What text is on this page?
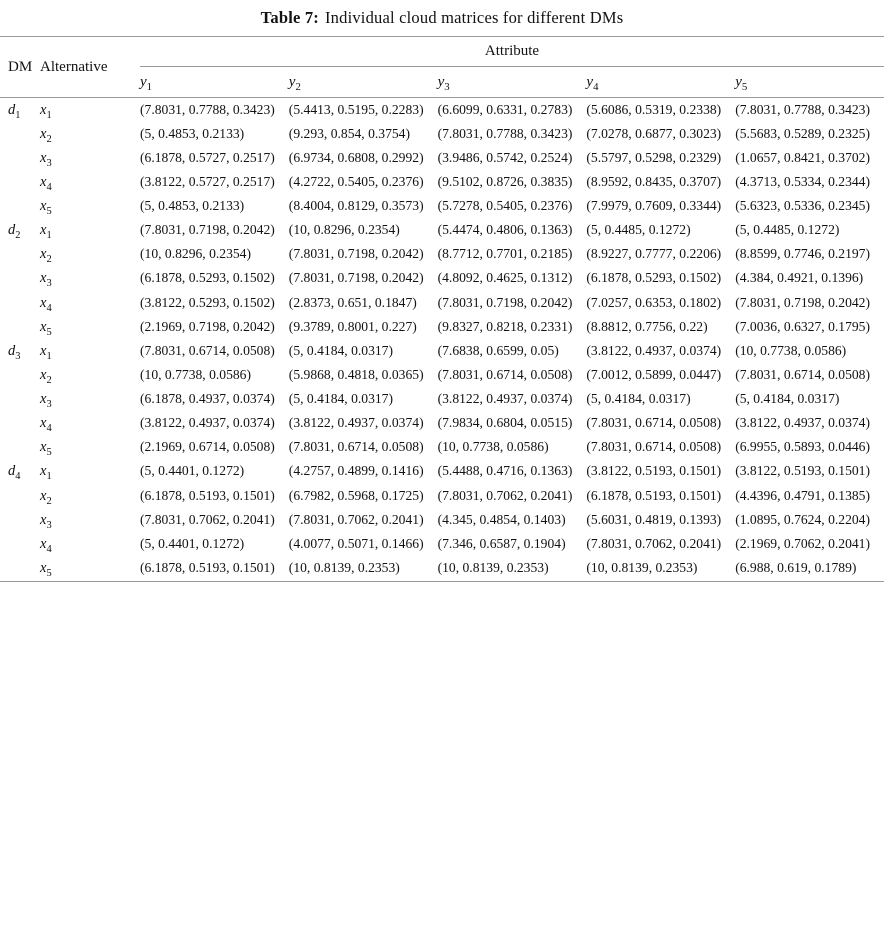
Table 7: Individual cloud matrices for different DMs
DM	Alternative	Attribute				
		$y_1$	$y_2$	$y_3$	$y_4$	$y_5$
$d_1$	$x_1$	(7.8031, 0.7788, 0.3423)	(5.4413, 0.5195, 0.2283)	(6.6099, 0.6331, 0.2783)	(5.6086, 0.5319, 0.2338)	(7.8031, 0.7788, 0.3423)
	$x_2$	(5, 0.4853, 0.2133)	(9.293, 0.854, 0.3754)	(7.8031, 0.7788, 0.3423)	(7.0278, 0.6877, 0.3023)	(5.5683, 0.5289, 0.2325)
	$x_3$	(6.1878, 0.5727, 0.2517)	(6.9734, 0.6808, 0.2992)	(3.9486, 0.5742, 0.2524)	(5.5797, 0.5298, 0.2329)	(1.0657, 0.8421, 0.3702)
	$x_4$	(3.8122, 0.5727, 0.2517)	(4.2722, 0.5405, 0.2376)	(9.5102, 0.8726, 0.3835)	(8.9592, 0.8435, 0.3707)	(4.3713, 0.5334, 0.2344)
	$x_5$	(5, 0.4853, 0.2133)	(8.4004, 0.8129, 0.3573)	(5.7278, 0.5405, 0.2376)	(7.9979, 0.7609, 0.3344)	(5.6323, 0.5336, 0.2345)
$d_2$	$x_1$	(7.8031, 0.7198, 0.2042)	(10, 0.8296, 0.2354)	(5.4474, 0.4806, 0.1363)	(5, 0.4485, 0.1272)	(5, 0.4485, 0.1272)
	$x_2$	(10, 0.8296, 0.2354)	(7.8031, 0.7198, 0.2042)	(8.7712, 0.7701, 0.2185)	(8.9227, 0.7777, 0.2206)	(8.8599, 0.7746, 0.2197)
	$x_3$	(6.1878, 0.5293, 0.1502)	(7.8031, 0.7198, 0.2042)	(4.8092, 0.4625, 0.1312)	(6.1878, 0.5293, 0.1502)	(4.384, 0.4921, 0.1396)
	$x_4$	(3.8122, 0.5293, 0.1502)	(2.8373, 0.651, 0.1847)	(7.8031, 0.7198, 0.2042)	(7.0257, 0.6353, 0.1802)	(7.8031, 0.7198, 0.2042)
	$x_5$	(2.1969, 0.7198, 0.2042)	(9.3789, 0.8001, 0.227)	(9.8327, 0.8218, 0.2331)	(8.8812, 0.7756, 0.22)	(7.0036, 0.6327, 0.1795)
$d_3$	$x_1$	(7.8031, 0.6714, 0.0508)	(5, 0.4184, 0.0317)	(7.6838, 0.6599, 0.05)	(3.8122, 0.4937, 0.0374)	(10, 0.7738, 0.0586)
	$x_2$	(10, 0.7738, 0.0586)	(5.9868, 0.4818, 0.0365)	(7.8031, 0.6714, 0.0508)	(7.0012, 0.5899, 0.0447)	(7.8031, 0.6714, 0.0508)
	$x_3$	(6.1878, 0.4937, 0.0374)	(5, 0.4184, 0.0317)	(3.8122, 0.4937, 0.0374)	(5, 0.4184, 0.0317)	(5, 0.4184, 0.0317)
	$x_4$	(3.8122, 0.4937, 0.0374)	(3.8122, 0.4937, 0.0374)	(7.9834, 0.6804, 0.0515)	(7.8031, 0.6714, 0.0508)	(3.8122, 0.4937, 0.0374)
	$x_5$	(2.1969, 0.6714, 0.0508)	(7.8031, 0.6714, 0.0508)	(10, 0.7738, 0.0586)	(7.8031, 0.6714, 0.0508)	(6.9955, 0.5893, 0.0446)
$d_4$	$x_1$	(5, 0.4401, 0.1272)	(4.2757, 0.4899, 0.1416)	(5.4488, 0.4716, 0.1363)	(3.8122, 0.5193, 0.1501)	(3.8122, 0.5193, 0.1501)
	$x_2$	(6.1878, 0.5193, 0.1501)	(6.7982, 0.5968, 0.1725)	(7.8031, 0.7062, 0.2041)	(6.1878, 0.5193, 0.1501)	(4.4396, 0.4791, 0.1385)
	$x_3$	(7.8031, 0.7062, 0.2041)	(7.8031, 0.7062, 0.2041)	(4.345, 0.4854, 0.1403)	(5.6031, 0.4819, 0.1393)	(1.0895, 0.7624, 0.2204)
	$x_4$	(5, 0.4401, 0.1272)	(4.0077, 0.5071, 0.1466)	(7.346, 0.6587, 0.1904)	(7.8031, 0.7062, 0.2041)	(2.1969, 0.7062, 0.2041)
	$x_5$	(6.1878, 0.5193, 0.1501)	(10, 0.8139, 0.2353)	(10, 0.8139, 0.2353)	(10, 0.8139, 0.2353)	(6.988, 0.619, 0.1789)
